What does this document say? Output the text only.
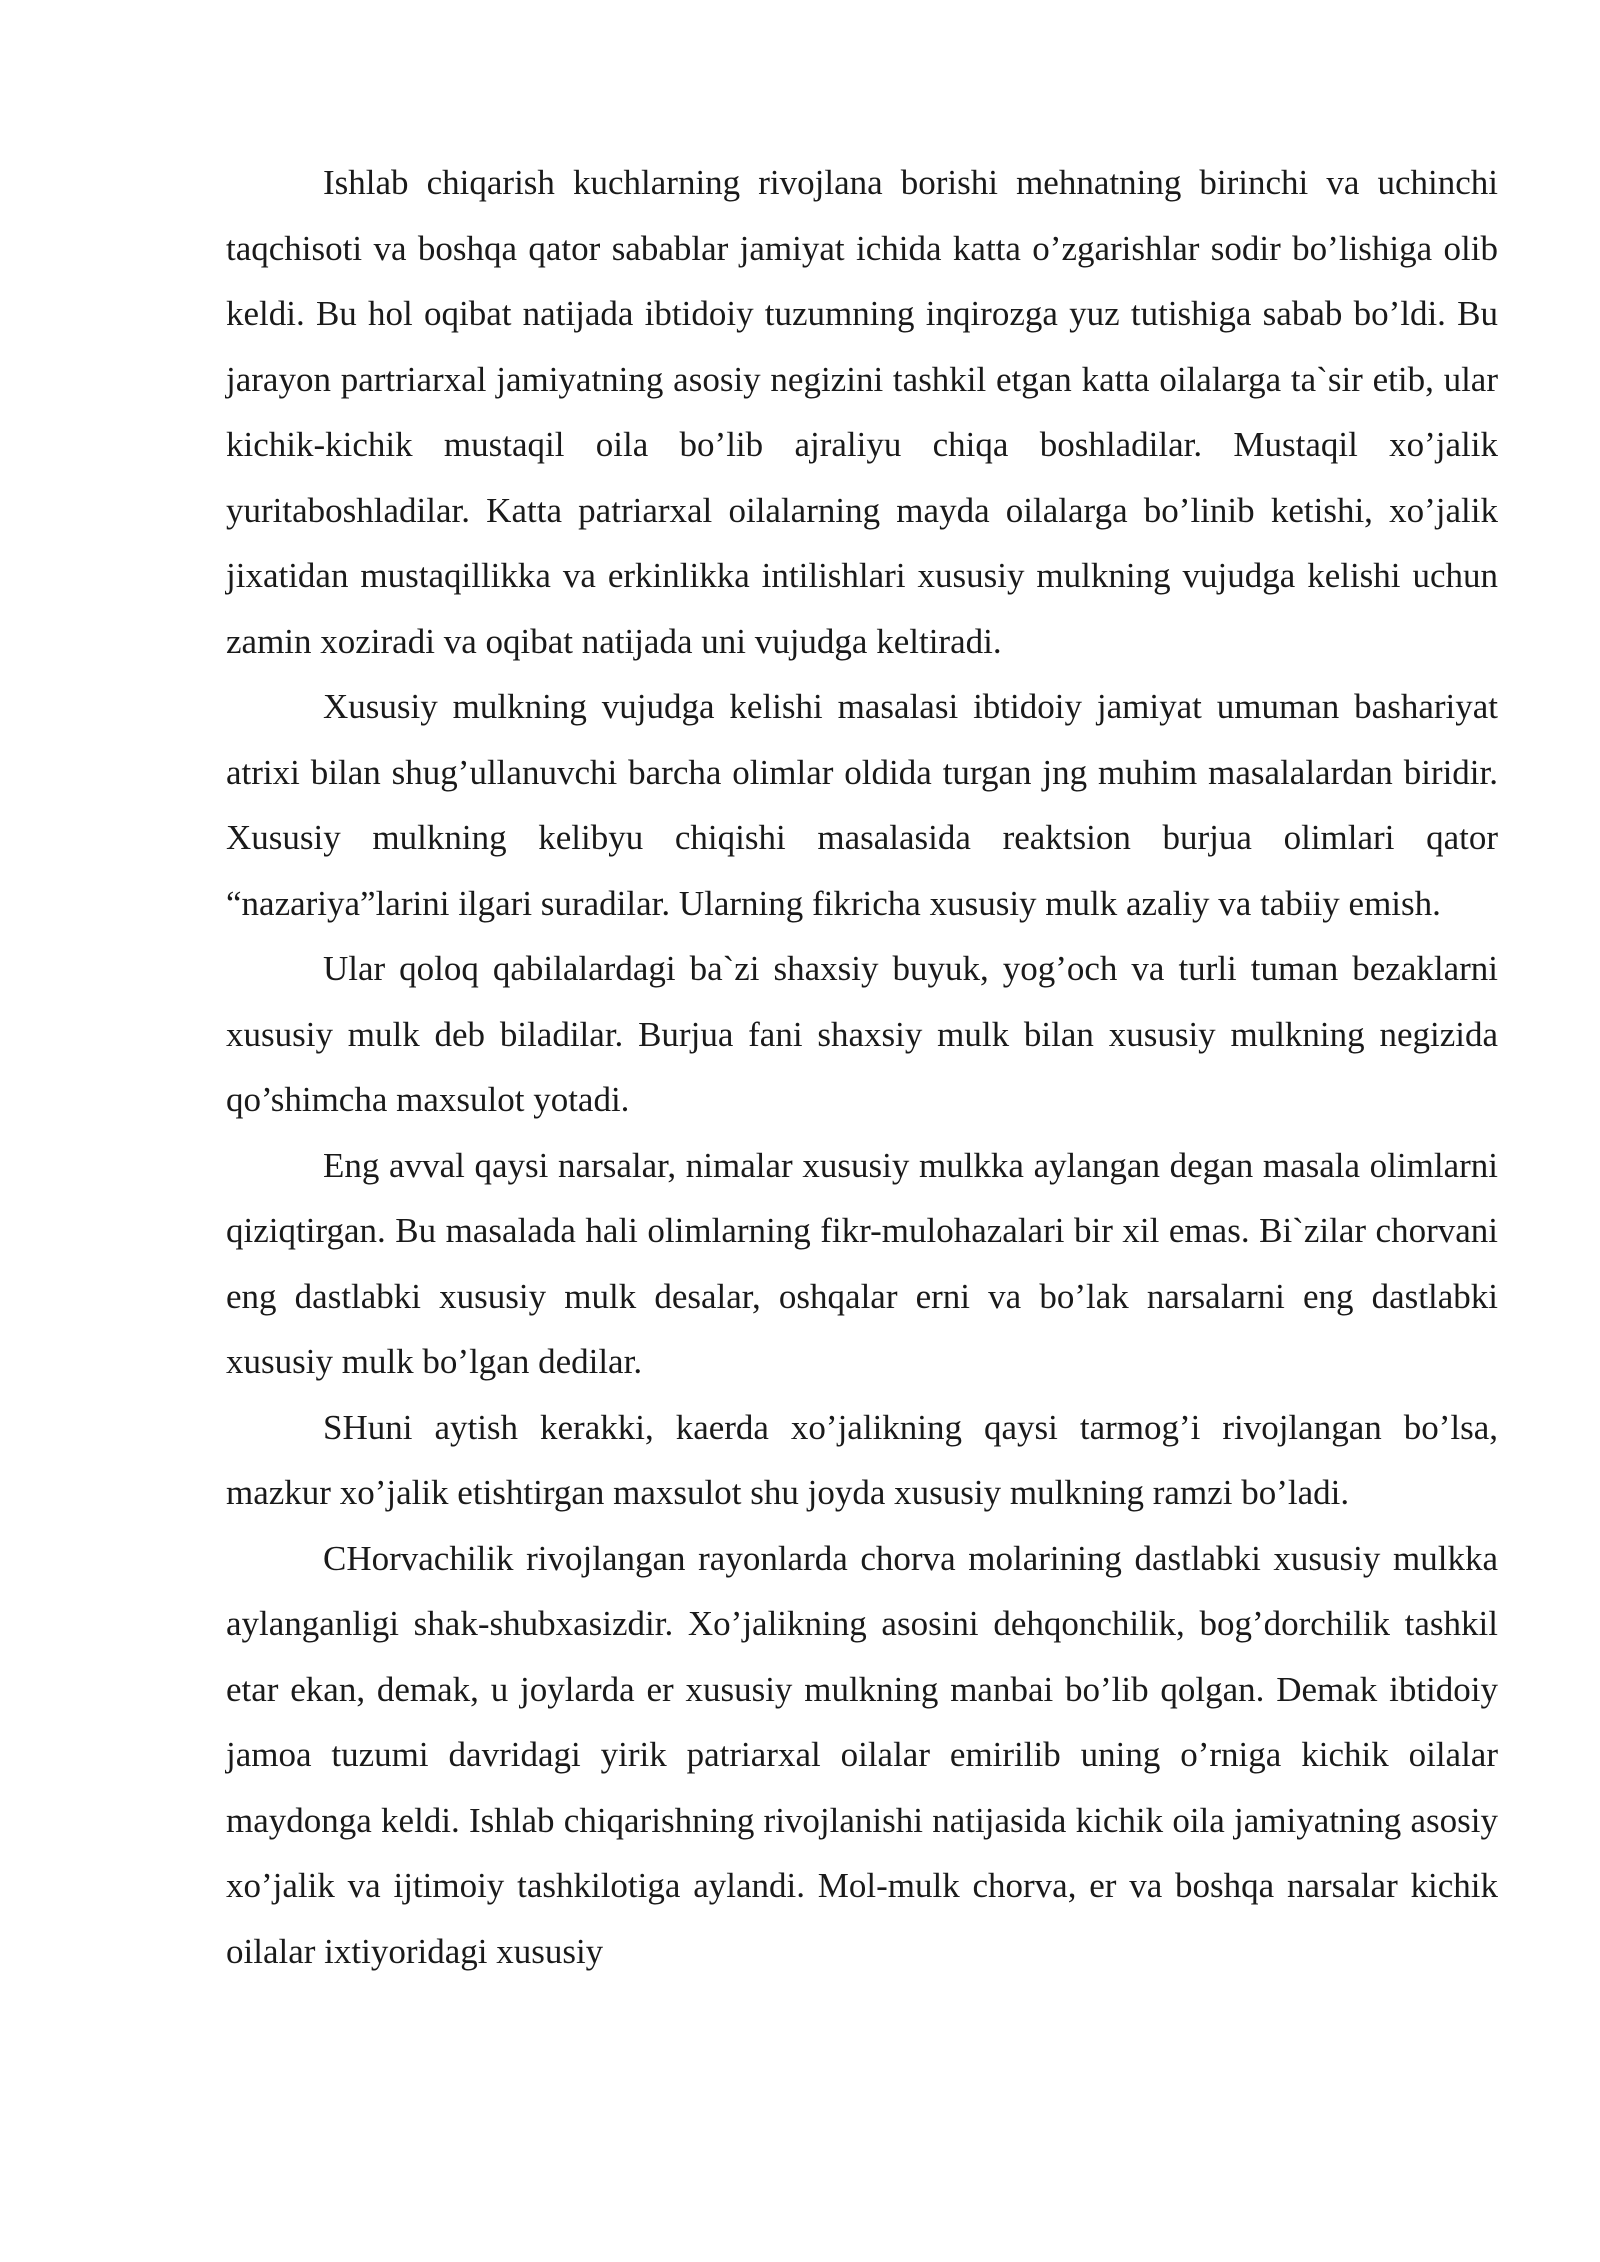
Ishlab chiqarish kuchlarning rivojlana borishi mehnatning birinchi va uchinchi taqchisoti va boshqa qator sabablar jamiyat ichida katta o’zgarishlar sodir bo’lishiga olib keldi. Bu hol oqibat natijada ibtidoiy tuzumning inqirozga yuz tutishiga sabab bo’ldi. Bu jarayon partriarxal jamiyatning asosiy negizini tashkil etgan katta oilalarga ta`sir etib, ular kichik-kichik mustaqil oila bo’lib ajraliyu chiqa boshladilar. Mustaqil xo’jalik yuritaboshladilar. Katta patriarxal oilalarning mayda oilalarga bo’linib ketishi, xo’jalik jixatidan mustaqillikka va erkinlikka intilishlari xususiy mulkning vujudga kelishi uchun zamin xoziradi va oqibat natijada uni vujudga keltiradi.

Xususiy mulkning vujudga kelishi masalasi ibtidoiy jamiyat umuman bashariyat atrixi bilan shug’ullanuvchi barcha olimlar oldida turgan jng muhim masalalardan biridir. Xususiy mulkning kelibyu chiqishi masalasida reaktsion burjua olimlari qator “nazariya”larini ilgari suradilar. Ularning fikricha xususiy mulk azaliy va tabiiy emish.

Ular qoloq qabilalardagi ba`zi shaxsiy buyuk, yog’och va turli tuman bezaklarni xususiy mulk deb biladilar. Burjua fani shaxsiy mulk bilan xususiy mulkning negizida qo’shimcha maxsulot yotadi.

Eng avval qaysi narsalar, nimalar xususiy mulkka aylangan degan masala olimlarni qiziqtirgan. Bu masalada hali olimlarning fikr-mulohazalari bir xil emas. Bi`zilar chorvani eng dastlabki xususiy mulk desalar, oshqalar erni va bo’lak narsalarni eng dastlabki xususiy mulk bo’lgan dedilar.

SHuni aytish kerakki, kaerda xo’jalikning qaysi tarmog’i rivojlangan bo’lsa, mazkur xo’jalik etishtirgan maxsulot shu joyda xususiy mulkning ramzi bo’ladi.

CHorvachilik rivojlangan rayonlarda chorva molarining dastlabki xususiy mulkka aylanganligi shak-shubxasizdir. Xo’jalikning asosini dehqonchilik, bog’dorchilik tashkil etar ekan, demak, u joylarda er xususiy mulkning manbai bo’lib qolgan. Demak ibtidoiy jamoa tuzumi davridagi yirik patriarxal oilalar emirilib uning o’rniga kichik oilalar maydonga keldi. Ishlab chiqarishning rivojlanishi natijasida kichik oila jamiyatning asosiy xo’jalik va ijtimoiy tashkilotiga aylandi. Mol-mulk chorva, er va boshqa narsalar kichik oilalar ixtiyoridagi xususiy
